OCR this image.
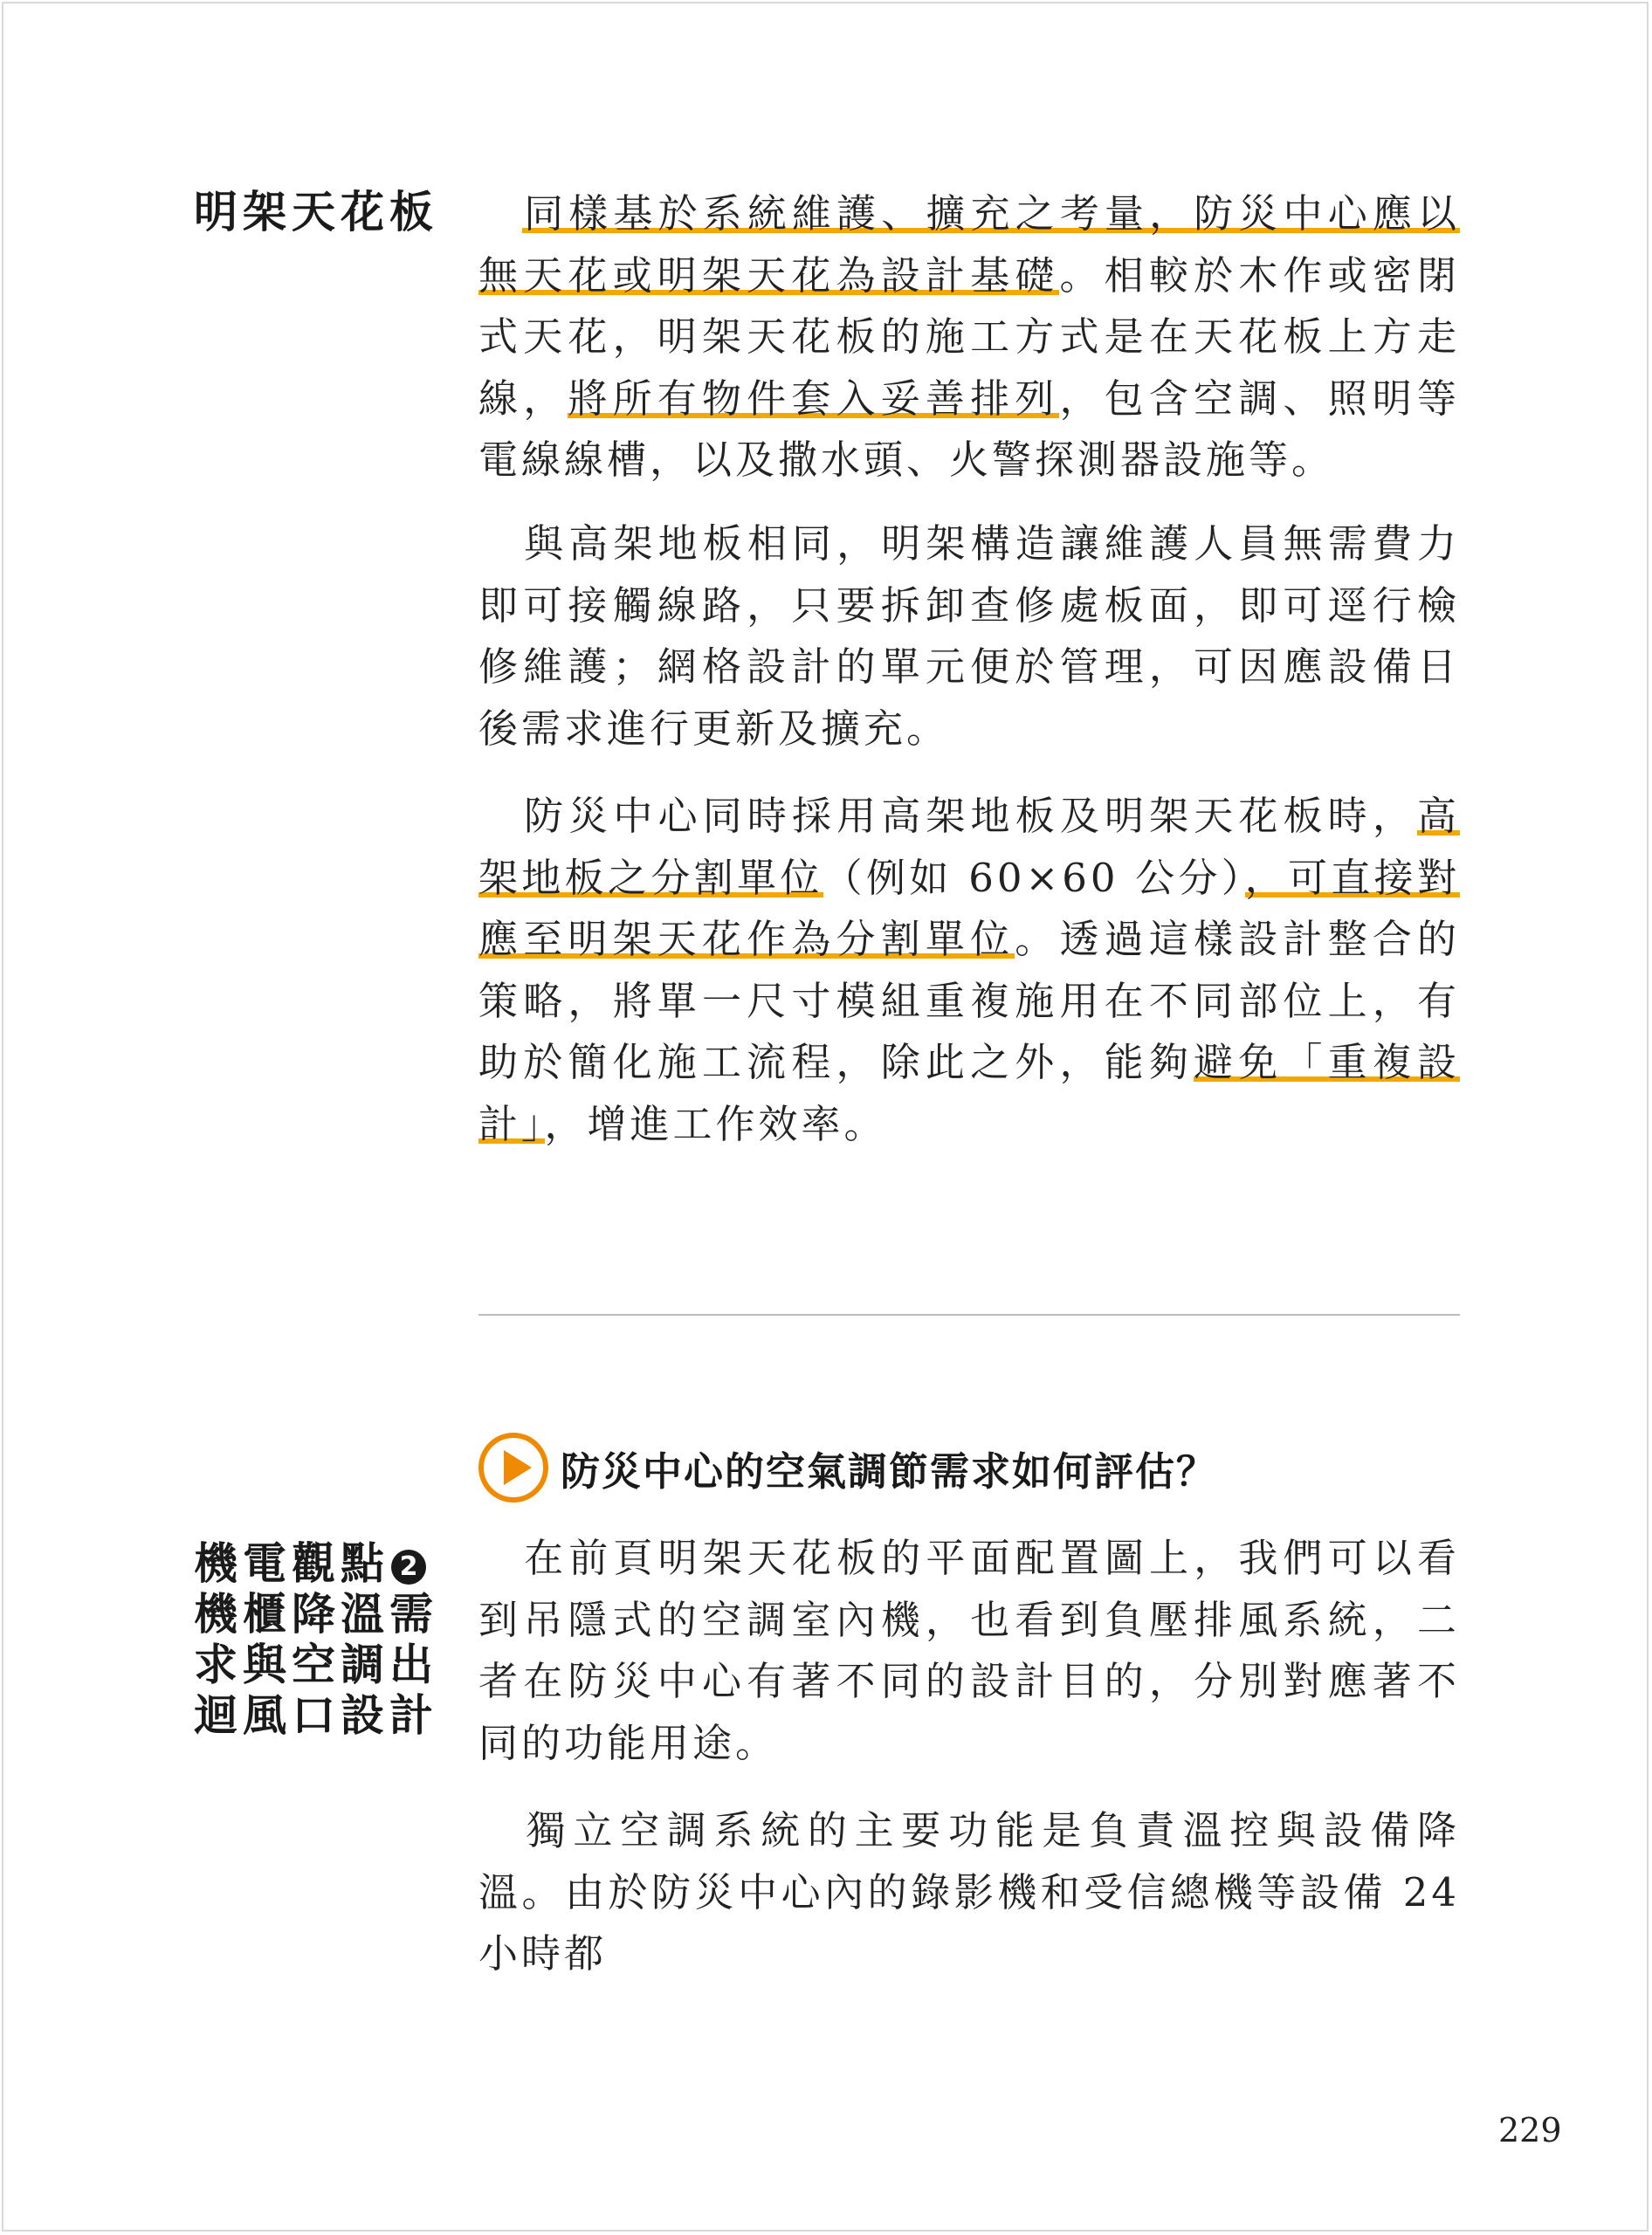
明架天花板	同樣基於系統維護、擴充之考量，防災中心應以無天花或明架天花為設計基礎。相較於木作或密閉式天花，明架天花板的施工方式是在天花板上方走線，將所有物件套入妥善排列，包含空調、照明等電線線槽，以及撒水頭、火警探測器設施等。

與高架地板相同，明架構造讓維護人員無需費力即可接觸線路，只要拆卸查修處板面，即可逕行檢修維護；網格設計的單元便於管理，可因應設備日後需求進行更新及擴充。

防災中心同時採用高架地板及明架天花板時，高架地板之分割單位（例如 60×60 公分），可直接對應至明架天花作為分割單位。透過這樣設計整合的策略，將單一尺寸模組重複施用在不同部位上，有助於簡化施工流程，除此之外，能夠避免「重複設計」，增進工作效率。

防災中心的空氣調節需求如何評估？
機電觀點 2
機櫃降溫需
求與空調出
迴風口設計

在前頁明架天花板的平面配置圖上，我們可以看到吊隱式的空調室內機，也看到負壓排風系統，二者在防災中心有著不同的設計目的，分別對應著不同的功能用途。

獨立空調系統的主要功能是負責溫控與設備降溫。由於防災中心內的錄影機和受信總機等設備 24 小時都

229
